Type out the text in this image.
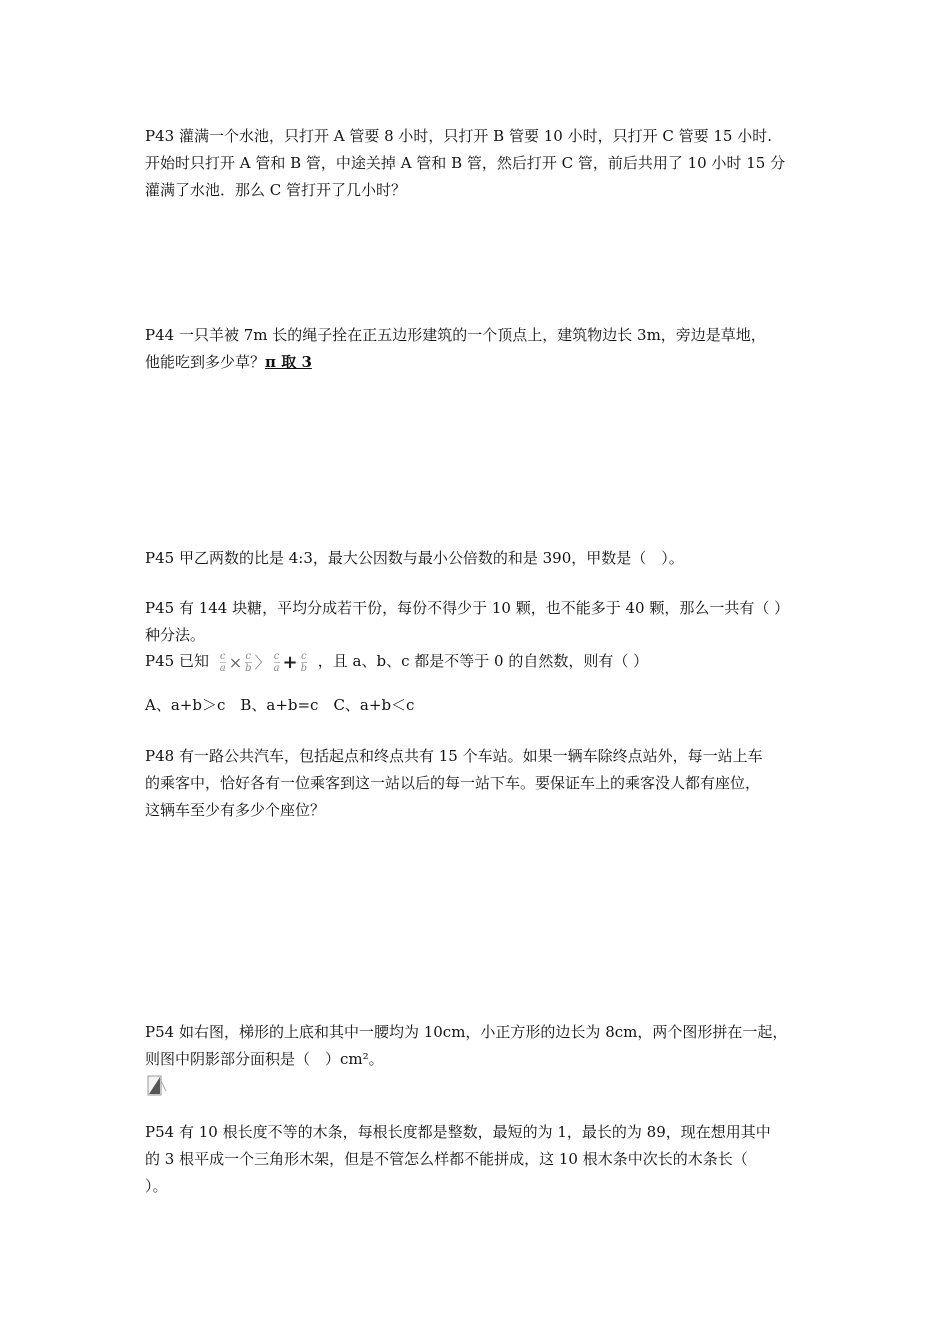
P43 灌满一个水池，只打开 A 管要 8 小时，只打开 B 管要 10 小时，只打开 C 管要 15 小时.
开始时只打开 A 管和 B 管，中途关掉 A 管和 B 管，然后打开 C 管，前后共用了 10 小时 15 分
灌满了水池．那么 C 管打开了几小时？
P44 一只羊被 7m 长的绳子拴在正五边形建筑的一个顶点上，建筑物边长 3m，旁边是草地，
他能吃到多少草？π 取 3
P45 甲乙两数的比是 4:3，最大公因数与最小公倍数的和是 390，甲数是（　）。
P45 有 144 块糖，平均分成若干份，每份不得少于 10 颗，也不能多于 40 颗，那么一共有（ ）
种分法。
P45 已知 $\frac{c}{a} \times \frac{c}{b}$ 〉 $\frac{c}{a} + \frac{c}{b}$ ，且 a、b、c 都是不等于 0 的自然数，则有（ ）
A、a+b＞c　B、a+b=c　C、a+b＜c
P48 有一路公共汽车，包括起点和终点共有 15 个车站。如果一辆车除终点站外，每一站上车
的乘客中，恰好各有一位乘客到这一站以后的每一站下车。要保证车上的乘客没人都有座位，
这辆车至少有多少个座位？
P54 如右图，梯形的上底和其中一腰均为 10cm，小正方形的边长为 8cm，两个图形拼在一起，
则图中阴影部分面积是（　）cm²。
P54 有 10 根长度不等的木条，每根长度都是整数，最短的为 1，最长的为 89，现在想用其中
的 3 根平成一个三角形木架，但是不管怎么样都不能拼成，这 10 根木条中次长的木条长（
）。
